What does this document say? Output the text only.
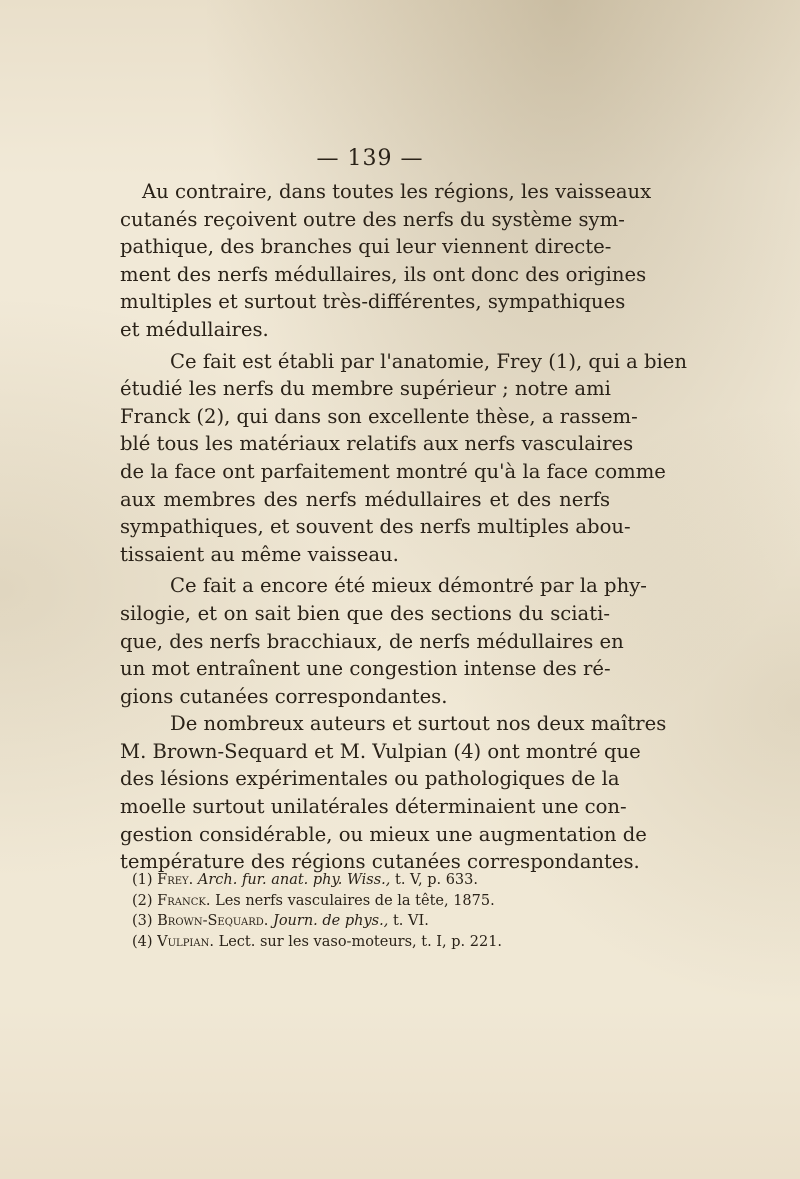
— 139 —

Au contraire, dans toutes les régions, les vaisseaux
cutanés reçoivent outre des nerfs du système sym-
pathique, des branches qui leur viennent directe-
ment des nerfs médullaires, ils ont donc des origines
multiples et surtout très-différentes, sympathiques
et médullaires.

Ce fait est établi par l'anatomie, Frey (1), qui a bien
étudié les nerfs du membre supérieur ; notre ami
Franck (2), qui dans son excellente thèse, a rassem-
blé tous les matériaux relatifs aux nerfs vasculaires
de la face ont parfaitement montré qu'à la face comme
aux membres des nerfs médullaires et des nerfs
sympathiques, et souvent des nerfs multiples abou-
tissaient au même vaisseau.

Ce fait a encore été mieux démontré par la phy-
silogie, et on sait bien que des sections du sciati-
que, des nerfs bracchiaux, de nerfs médullaires en
un mot entraînent une congestion intense des ré-
gions cutanées correspondantes.

De nombreux auteurs et surtout nos deux maîtres
M. Brown-Sequard et M. Vulpian (4) ont montré que
des lésions expérimentales ou pathologiques de la
moelle surtout unilatérales déterminaient une con-
gestion considérable, ou mieux une augmentation de
température des régions cutanées correspondantes.

(1) Frey. Arch. fur. anat. phy. Wiss., t. V, p. 633.
(2) Franck. Les nerfs vasculaires de la tête, 1875.
(3) Brown-Sequard. Journ. de phys., t. VI.
(4) Vulpian. Lect. sur les vaso-moteurs, t. I, p. 221.
